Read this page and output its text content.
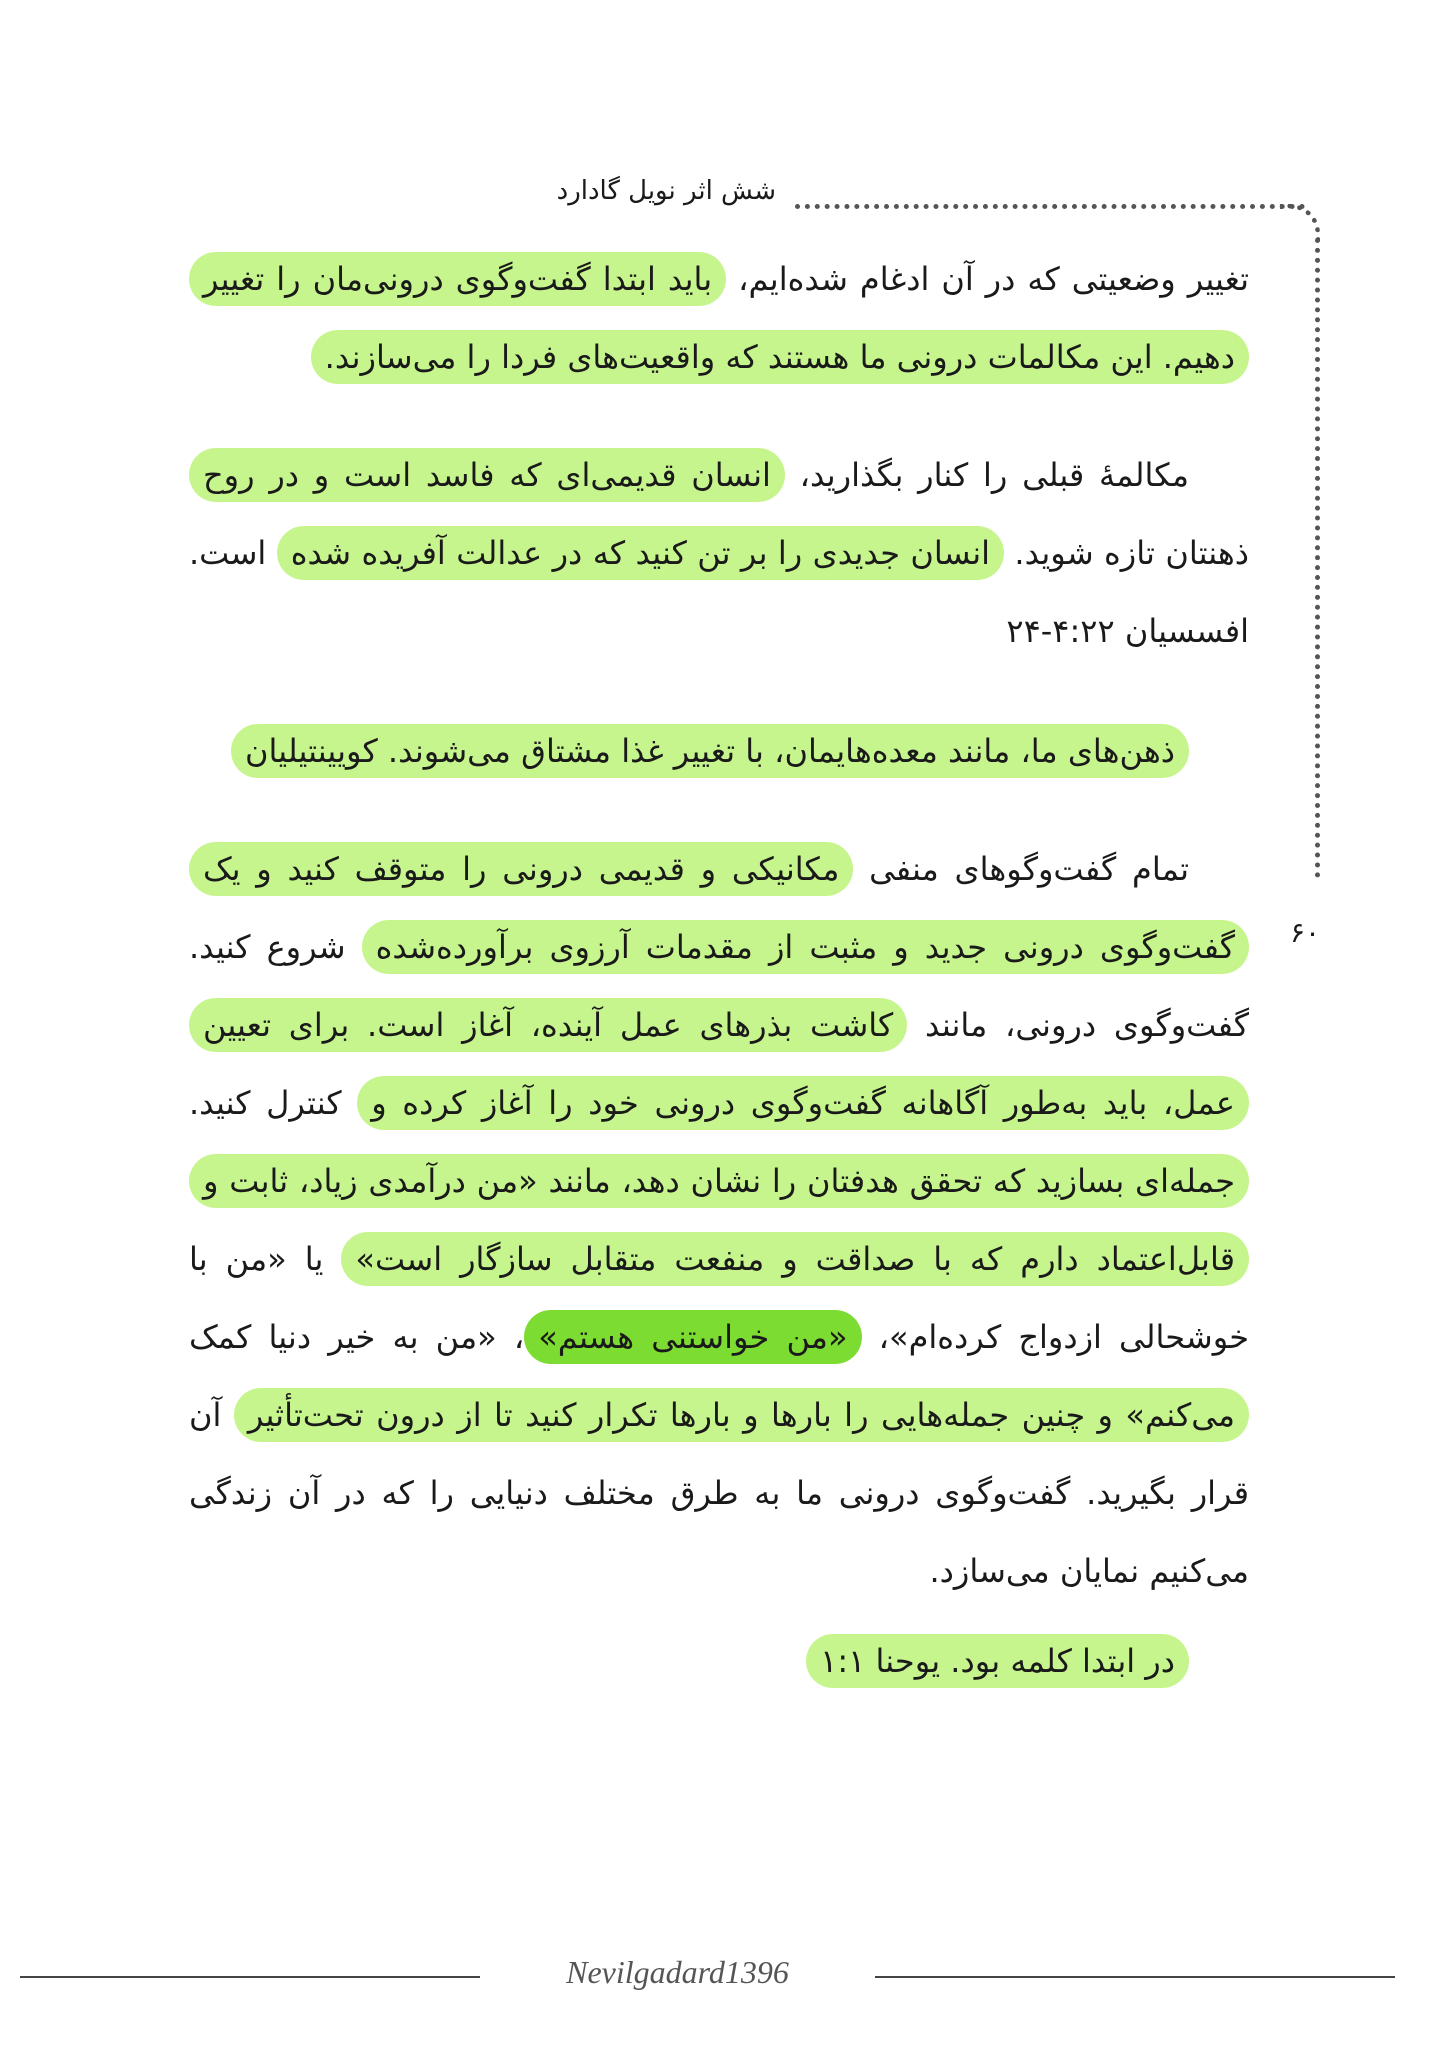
شش اثر نویل گادارد
۶۰

تغییر وضعیتی که در آن ادغام شده‌ایم، باید ابتدا گفت‌وگوی درونی‌مان را تغییر دهیم. این مکالمات درونی ما هستند که واقعیت‌های فردا را می‌سازند.

مکالمهٔ قبلی را کنار بگذارید، انسان قدیمی‌ای که فاسد است و در روح ذهنتان تازه شوید. انسان جدیدی را بر تن کنید که در عدالت آفریده شده است. افسسیان ۴:۲۲-۲۴

ذهن‌های ما، مانند معده‌هایمان، با تغییر غذا مشتاق می‌شوند. کویینتیلیان

تمام گفت‌وگوهای منفی مکانیکی و قدیمی درونی را متوقف کنید و یک گفت‌وگوی درونی جدید و مثبت از مقدمات آرزوی برآورده‌شده شروع کنید. گفت‌وگوی درونی، مانند کاشت بذرهای عمل آینده، آغاز است. برای تعیین عمل، باید به‌طور آگاهانه گفت‌وگوی درونی خود را آغاز کرده و کنترل کنید. جمله‌ای بسازید که تحقق هدفتان را نشان دهد، مانند «من درآمدی زیاد، ثابت و قابل‌اعتماد دارم که با صداقت و منفعت متقابل سازگار است» یا «من با خوشحالی ازدواج کرده‌ام»، «من خواستنی هستم»، «من به خیر دنیا کمک می‌کنم» و چنین جمله‌هایی را بارها و بارها تکرار کنید تا از درون تحت‌تأثیر آن قرار بگیرید. گفت‌وگوی درونی ما به طرق مختلف دنیایی را که در آن زندگی می‌کنیم نمایان می‌سازد.

در ابتدا کلمه بود. یوحنا ۱:۱

Nevilgadard1396
